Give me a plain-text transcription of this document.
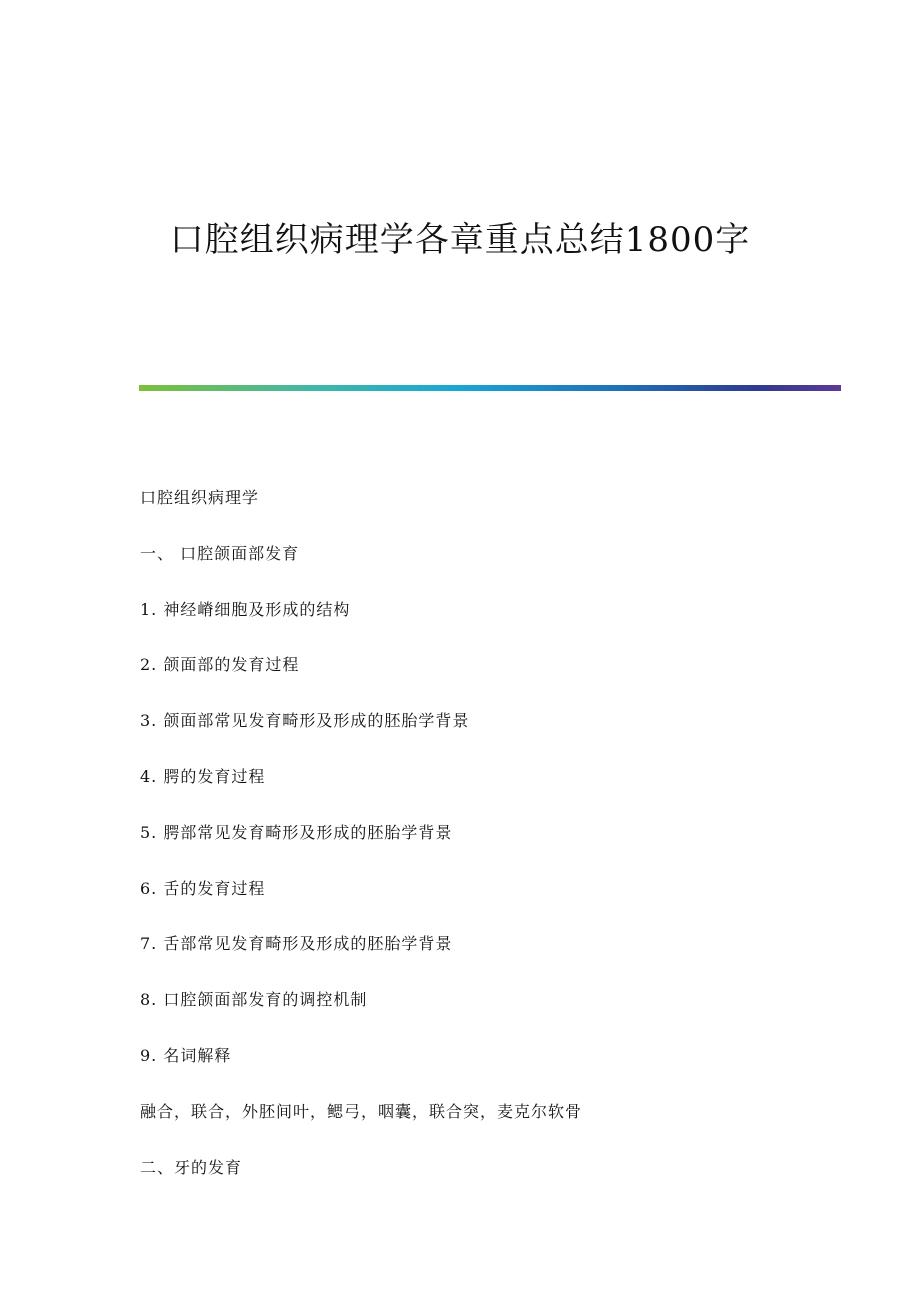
口腔组织病理学各章重点总结1800字
口腔组织病理学
一、 口腔颌面部发育
1. 神经嵴细胞及形成的结构
2. 颌面部的发育过程
3. 颌面部常见发育畸形及形成的胚胎学背景
4. 腭的发育过程
5. 腭部常见发育畸形及形成的胚胎学背景
6. 舌的发育过程
7. 舌部常见发育畸形及形成的胚胎学背景
8. 口腔颌面部发育的调控机制
9. 名词解释
融合，联合，外胚间叶，鳃弓，咽囊，联合突，麦克尔软骨
二、牙的发育
